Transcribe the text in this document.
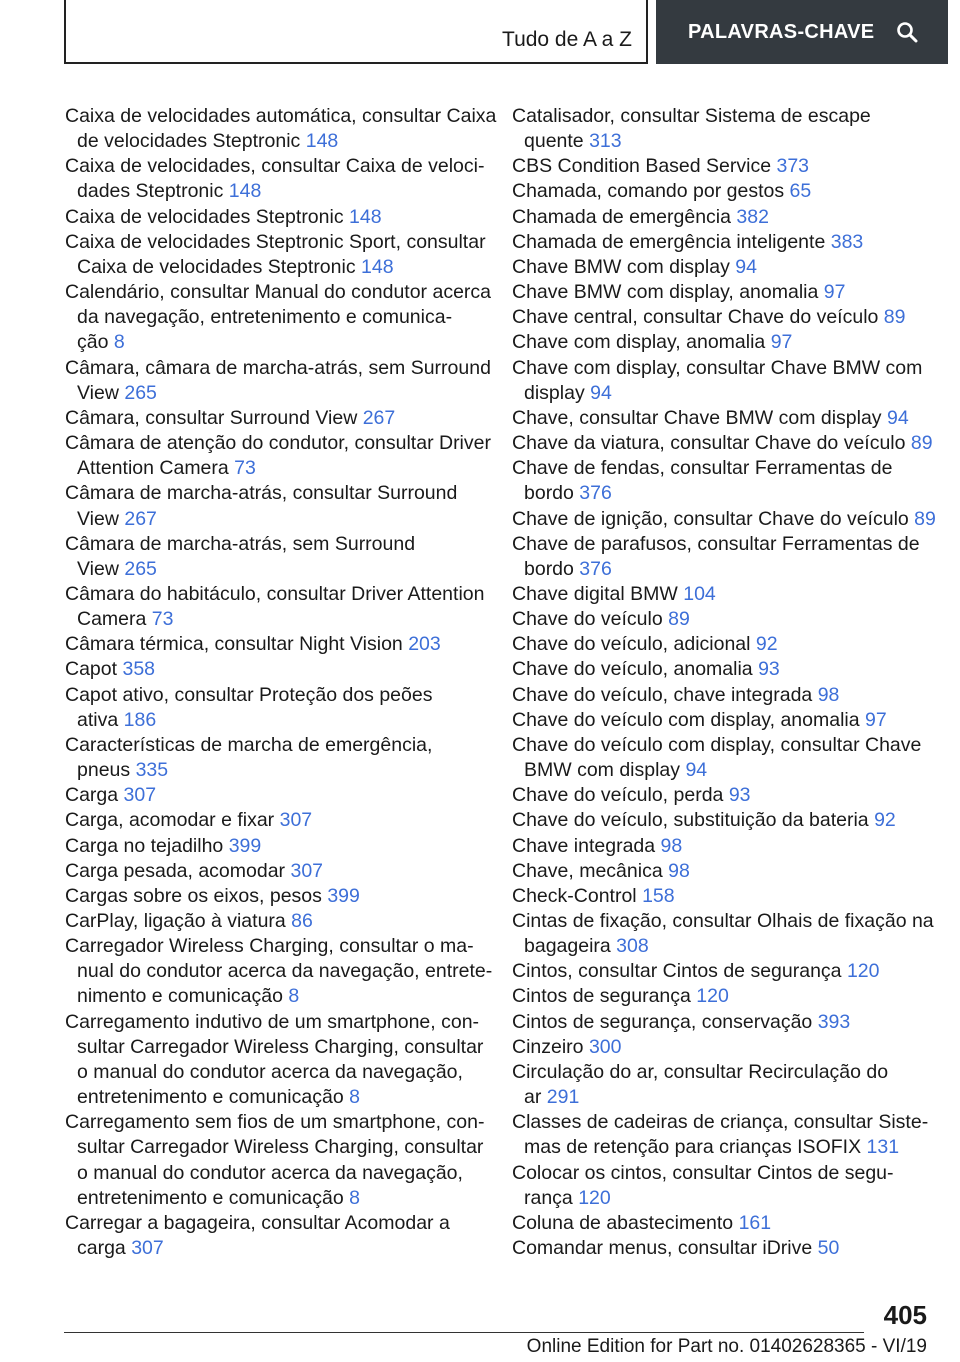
Tudo de A a Z	PALAVRAS-CHAVE
Caixa de velocidades automática, consultar Caixa
de velocidades Steptronic 148
Caixa de velocidades, consultar Caixa de veloci-
dades Steptronic 148
Caixa de velocidades Steptronic 148
Caixa de velocidades Steptronic Sport, consultar
Caixa de velocidades Steptronic 148
Calendário, consultar Manual do condutor acerca
da navegação, entretenimento e comunica-
ção 8
Câmara, câmara de marcha-atrás, sem Surround
View 265
Câmara, consultar Surround View 267
Câmara de atenção do condutor, consultar Driver
Attention Camera 73
Câmara de marcha-atrás, consultar Surround
View 267
Câmara de marcha-atrás, sem Surround
View 265
Câmara do habitáculo, consultar Driver Attention
Camera 73
Câmara térmica, consultar Night Vision 203
Capot 358
Capot ativo, consultar Proteção dos peões
ativa 186
Características de marcha de emergência,
pneus 335
Carga 307
Carga, acomodar e fixar 307
Carga no tejadilho 399
Carga pesada, acomodar 307
Cargas sobre os eixos, pesos 399
CarPlay, ligação à viatura 86
Carregador Wireless Charging, consultar o ma-
nual do condutor acerca da navegação, entrete-
nimento e comunicação 8
Carregamento indutivo de um smartphone, con-
sultar Carregador Wireless Charging, consultar
o manual do condutor acerca da navegação,
entretenimento e comunicação 8
Carregamento sem fios de um smartphone, con-
sultar Carregador Wireless Charging, consultar
o manual do condutor acerca da navegação,
entretenimento e comunicação 8
Carregar a bagageira, consultar Acomodar a
carga 307
Catalisador, consultar Sistema de escape
quente 313
CBS Condition Based Service 373
Chamada, comando por gestos 65
Chamada de emergência 382
Chamada de emergência inteligente 383
Chave BMW com display 94
Chave BMW com display, anomalia 97
Chave central, consultar Chave do veículo 89
Chave com display, anomalia 97
Chave com display, consultar Chave BMW com
display 94
Chave, consultar Chave BMW com display 94
Chave da viatura, consultar Chave do veículo 89
Chave de fendas, consultar Ferramentas de
bordo 376
Chave de ignição, consultar Chave do veículo 89
Chave de parafusos, consultar Ferramentas de
bordo 376
Chave digital BMW 104
Chave do veículo 89
Chave do veículo, adicional 92
Chave do veículo, anomalia 93
Chave do veículo, chave integrada 98
Chave do veículo com display, anomalia 97
Chave do veículo com display, consultar Chave
BMW com display 94
Chave do veículo, perda 93
Chave do veículo, substituição da bateria 92
Chave integrada 98
Chave, mecânica 98
Check-Control 158
Cintas de fixação, consultar Olhais de fixação na
bagageira 308
Cintos, consultar Cintos de segurança 120
Cintos de segurança 120
Cintos de segurança, conservação 393
Cinzeiro 300
Circulação do ar, consultar Recirculação do
ar 291
Classes de cadeiras de criança, consultar Siste-
mas de retenção para crianças ISOFIX 131
Colocar os cintos, consultar Cintos de segu-
rança 120
Coluna de abastecimento 161
Comandar menus, consultar iDrive 50
405
Online Edition for Part no. 01402628365 - VI/19
